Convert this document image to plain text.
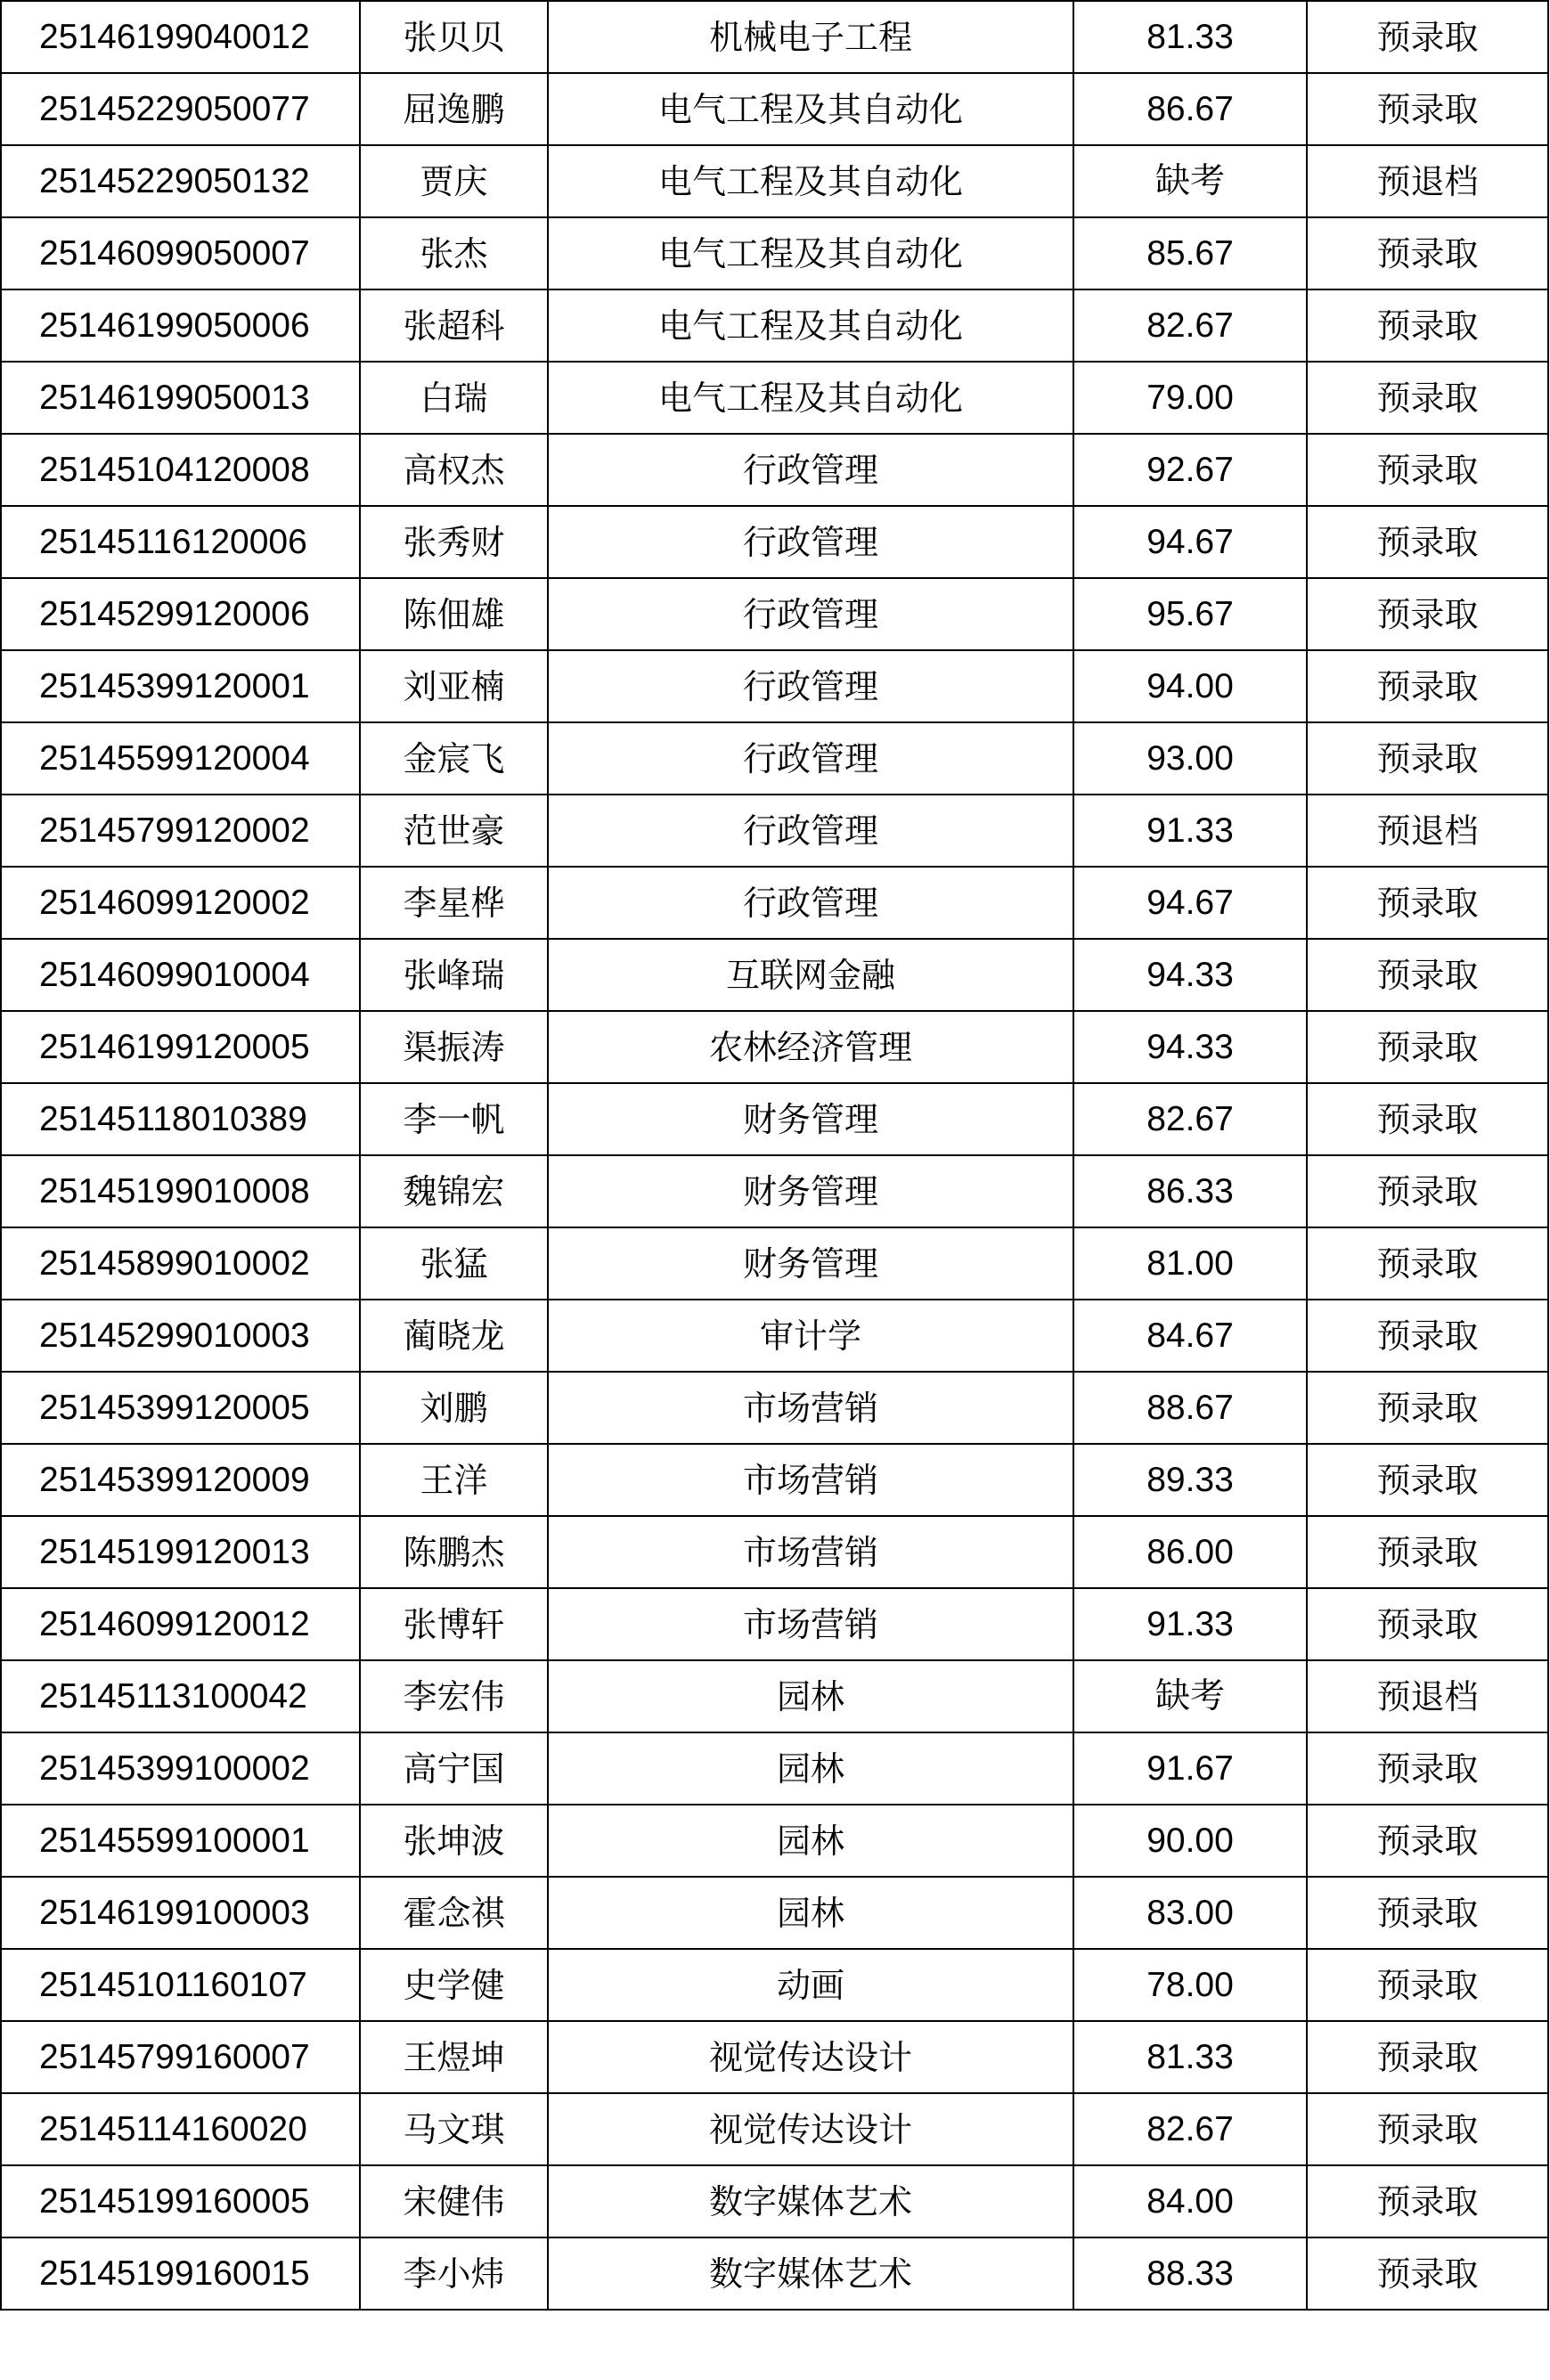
25146199040012	张贝贝	机械电子工程	81.33	预录取
25145229050077	屈逸鹏	电气工程及其自动化	86.67	预录取
25145229050132	贾庆	电气工程及其自动化	缺考	预退档
25146099050007	张杰	电气工程及其自动化	85.67	预录取
25146199050006	张超科	电气工程及其自动化	82.67	预录取
25146199050013	白瑞	电气工程及其自动化	79.00	预录取
25145104120008	高权杰	行政管理	92.67	预录取
25145116120006	张秀财	行政管理	94.67	预录取
25145299120006	陈佃雄	行政管理	95.67	预录取
25145399120001	刘亚楠	行政管理	94.00	预录取
25145599120004	金宸飞	行政管理	93.00	预录取
25145799120002	范世豪	行政管理	91.33	预退档
25146099120002	李星桦	行政管理	94.67	预录取
25146099010004	张峰瑞	互联网金融	94.33	预录取
25146199120005	渠振涛	农林经济管理	94.33	预录取
25145118010389	李一帆	财务管理	82.67	预录取
25145199010008	魏锦宏	财务管理	86.33	预录取
25145899010002	张猛	财务管理	81.00	预录取
25145299010003	蔺晓龙	审计学	84.67	预录取
25145399120005	刘鹏	市场营销	88.67	预录取
25145399120009	王洋	市场营销	89.33	预录取
25145199120013	陈鹏杰	市场营销	86.00	预录取
25146099120012	张博轩	市场营销	91.33	预录取
25145113100042	李宏伟	园林	缺考	预退档
25145399100002	高宁国	园林	91.67	预录取
25145599100001	张坤波	园林	90.00	预录取
25146199100003	霍念祺	园林	83.00	预录取
25145101160107	史学健	动画	78.00	预录取
25145799160007	王煜坤	视觉传达设计	81.33	预录取
25145114160020	马文琪	视觉传达设计	82.67	预录取
25145199160005	宋健伟	数字媒体艺术	84.00	预录取
25145199160015	李小炜	数字媒体艺术	88.33	预录取
